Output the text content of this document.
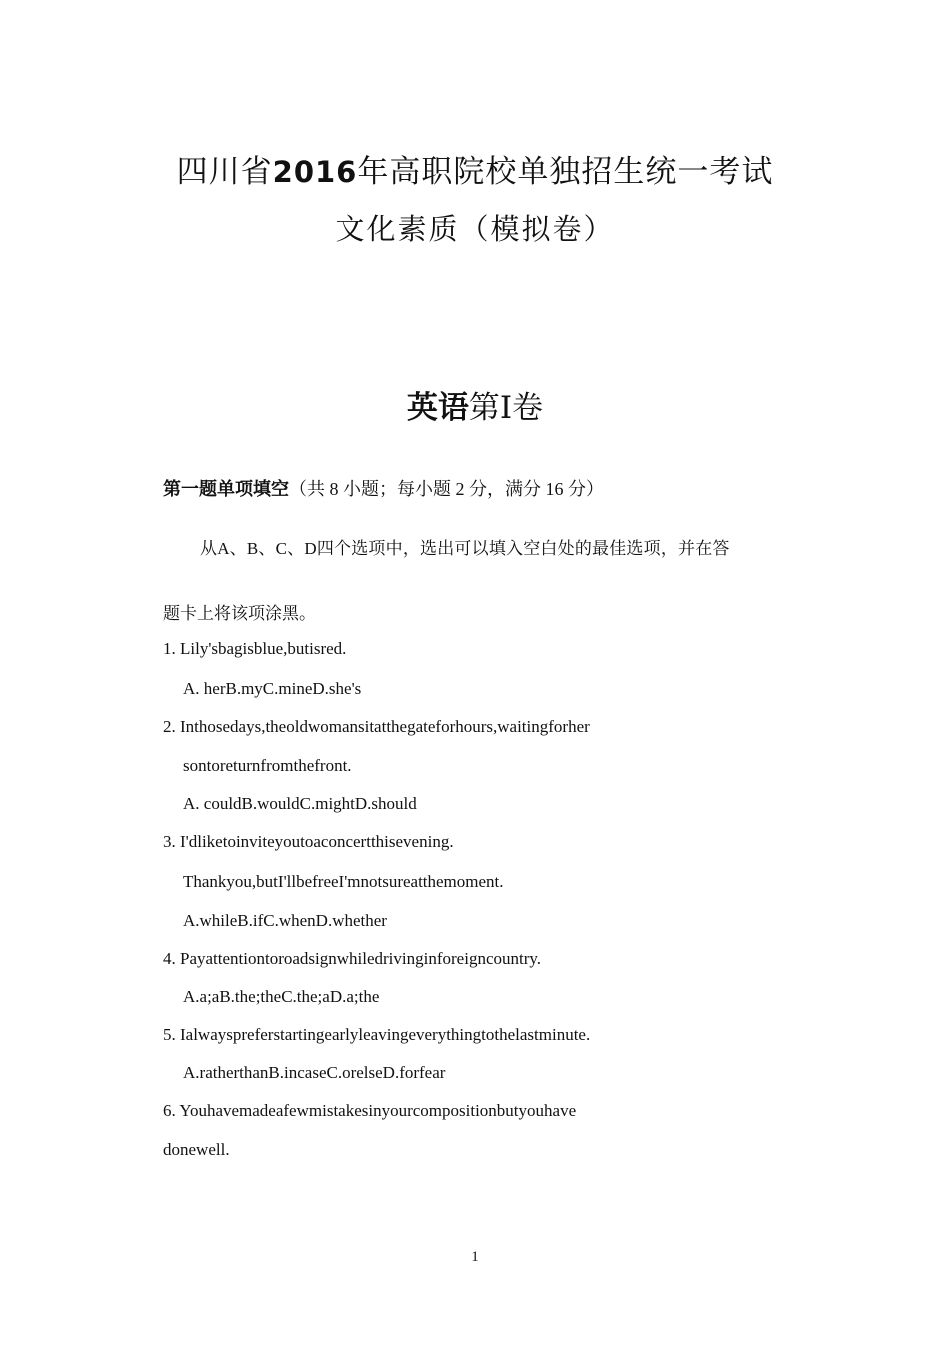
四川省2016年高职院校单独招生统一考试
文化素质（模拟卷）
英语第Ⅰ卷
第一题单项填空（共 8 小题；每小题 2 分，满分 16 分）
从A、B、C、D四个选项中，选出可以填入空白处的最佳选项，并在答
题卡上将该项涂黑。
1. Lily'sbagisblue,butisred.
A. herB.myC.mineD.she's
2. Inthosedays,theoldwomansitatthegateforhours,waitingforher
sontoreturnfromthefront.
A. couldB.wouldC.mightD.should
3. I'dliketoinviteyoutoaconcertthisevening.
Thankyou,butI'llbefreeI'mnotsureatthemoment.
A.whileB.ifC.whenD.whether
4. Payattentiontoroadsignwhiledrivinginforeigncountry.
A.a;aB.the;theC.the;aD.a;the
5. Ialwayspreferstartingearlyleavingeverythingtothelastminute.
A.ratherthanB.incaseC.orelseD.forfear
6. Youhavemadeafewmistakesinyourcompositionbutyouhave
donewell.
1
